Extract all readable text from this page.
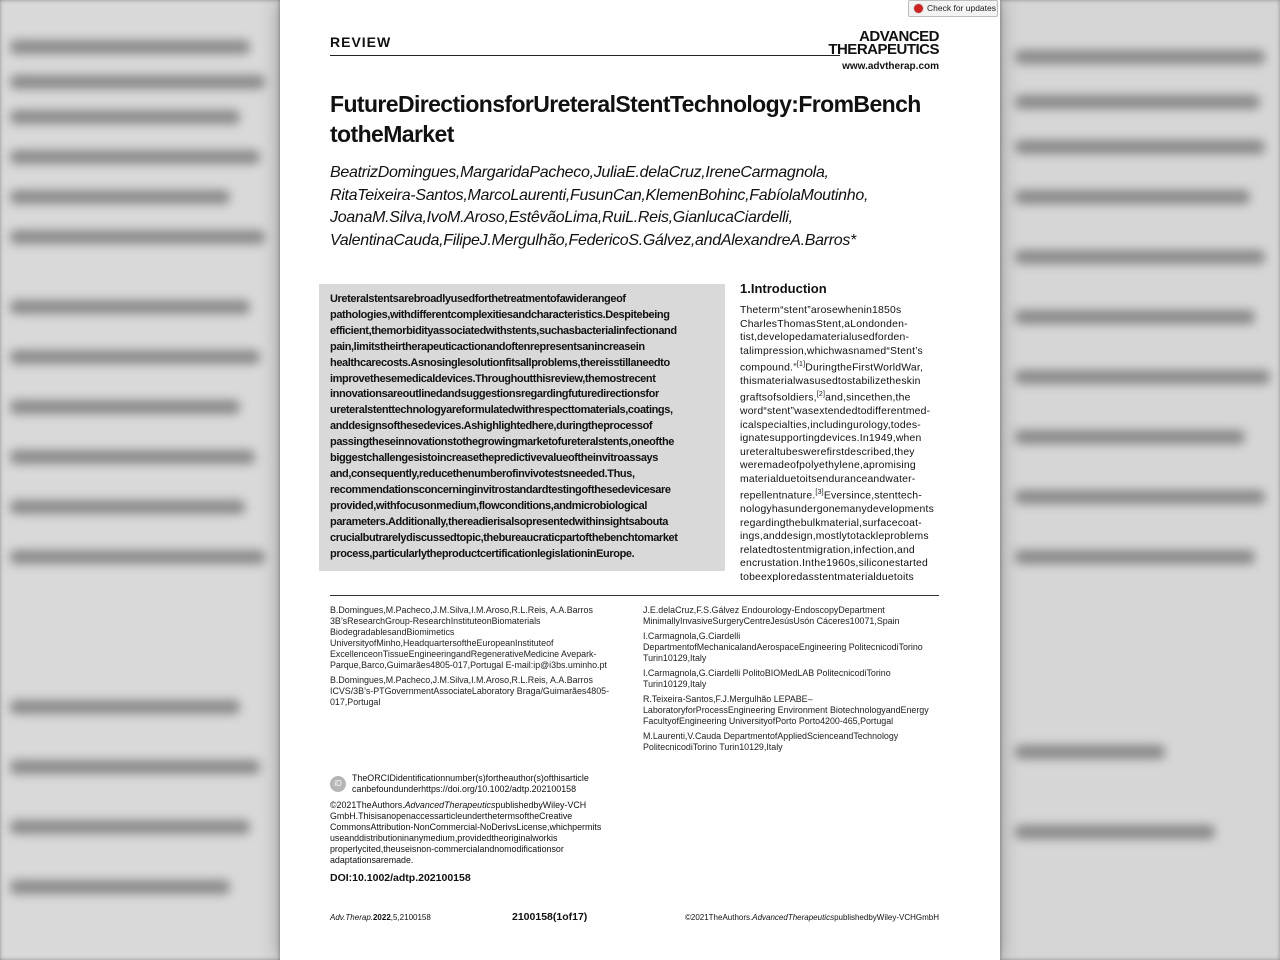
Check for updates
REVIEW	ADVANCED
THERAPEUTICS
www.advtherap.com
FutureDirectionsforUreteralStentTechnology:FromBench totheMarket
BeatrizDomingues,MargaridaPacheco,JuliaE.delaCruz,IreneCarmagnola,
RitaTeixeira-Santos,MarcoLaurenti,FusunCan,KlemenBohinc,FabíolaMoutinho,
JoanaM.Silva,IvoM.Aroso,EstêvãoLima,RuiL.Reis,GianlucaCiardelli,
ValentinaCauda,FilipeJ.Mergulhão,FedericoS.Gálvez,andAlexandreA.Barros*
Ureteralstentsarebroadlyusedforthetreatmentofawiderangeof pathologies,withdifferentcomplexitiesandcharacteristics.Despitebeing efficient,themorbidityassociatedwithstents,suchasbacterialinfectionand pain,limitstheirtherapeuticactionandoftenrepresentsanincreasein healthcarecosts.Asnosinglesolutionfitsallproblems,thereisstillaneedto improvethesemedicaldevices.Throughoutthisreview,themostrecent innovationsareoutlinedandsuggestionsregardingfuturedirectionsfor ureteralstenttechnologyareformulatedwithrespecttomaterials,coatings, anddesignsofthesedevices.Ashighlightedhere,duringtheprocessof passingtheseinnovationstothegrowingmarketofureteralstents,oneofthe biggestchallengesistoincreasethepredictivevalueoftheinvitroassays and,consequently,reducethenumberofinvivotestsneeded.Thus, recommendationsconcerninginvitrostandardtestingofthesedevicesare provided,withfocusonmedium,flowconditions,andmicrobiological parameters.Additionally,thereadierisalsopresentedwithinsightsabouta crucialbutrarelydiscussedtopic,thebureaucraticpartofthebenchtomarket process,particularlytheproductcertificationlegislationinEurope.
1.Introduction
Theterm“stent”arosewhenin1850s CharlesThomasStent,aLondonden- tist,developedamaterialusedforden- talimpression,whichwasnamed“Stent’s compound.”[1]DuringtheFirstWorldWar, thismaterialwasusedtostabilizetheskin graftsofsoldiers,[2]and,sincethen,the word“stent”wasextendedtodifferentmed- icalspecialties,includingurology,todes- ignatesupportingdevices.In1949,when ureteraltubeswerefirstdescribed,they weremadeofpolyethylene,apromising materialduetoitsenduranceandwater- repellentnature.[3]Eversince,stenttech- nologyhasundergonemanydevelopments regardingthebulkmaterial,surfacecoat- ings,anddesign,mostlytotackleproblems relatedtostentmigration,infection,and encrustation.Inthe1960s,siliconestarted tobeexploredasstentmaterialduetoits
B.Domingues,M.Pacheco,J.M.Silva,I.M.Aroso,R.L.Reis, A.A.Barros 3B’sResearchGroup-ResearchInstituteonBiomaterials BiodegradablesandBiomimetics UniversityofMinho,HeadquartersoftheEuropeanInstituteof ExcellenceonTissueEngineeringandRegenerativeMedicine Avepark-Parque,Barco,Guimarães4805-017,Portugal E-mail:ip@i3bs.uminho.pt
B.Domingues,M.Pacheco,J.M.Silva,I.M.Aroso,R.L.Reis, A.A.Barros ICVS/3B’s-PTGovernmentAssociateLaboratory Braga/Guimarães4805-017,Portugal
J.E.delaCruz,F.S.Gálvez Endourology-EndoscopyDepartment MinimallyInvasiveSurgeryCentreJesúsUsón Cáceres10071,Spain
I.Carmagnola,G.Ciardelli DepartmentofMechanicalandAerospaceEngineering PolitecnicodiTorino Turin10129,Italy
I.Carmagnola,G.Ciardelli PolitoBIOMedLAB PolitecnicodiTorino Turin10129,Italy
R.Teixeira-Santos,F.J.Mergulhão LEPABE–LaboratoryforProcessEngineering Environment BiotechnologyandEnergy FacultyofEngineering UniversityofPorto Porto4200-465,Portugal
M.Laurenti,V.Cauda DepartmentofAppliedScienceandTechnology PolitecnicodiTorino Turin10129,Italy
iD
TheORCIDidentificationnumber(s)fortheauthor(s)ofthisarticle canbefoundunderhttps://doi.org/10.1002/adtp.202100158
©2021TheAuthors.AdvancedTherapeuticspublishedbyWiley-VCH GmbH.ThisisanopenaccessarticleunderthetermsoftheCreative CommonsAttribution-NonCommercial-NoDerivsLicense,whichpermits useanddistributioninanymedium,providedtheoriginalworkis properlycited,theuseisnon-commercialandnomodificationsor adaptationsaremade.
DOI:10.1002/adtp.202100158
Adv.Therap.2022,5,2100158	2100158(1of17)	©2021TheAuthors.AdvancedTherapeuticspublishedbyWiley-VCHGmbH
